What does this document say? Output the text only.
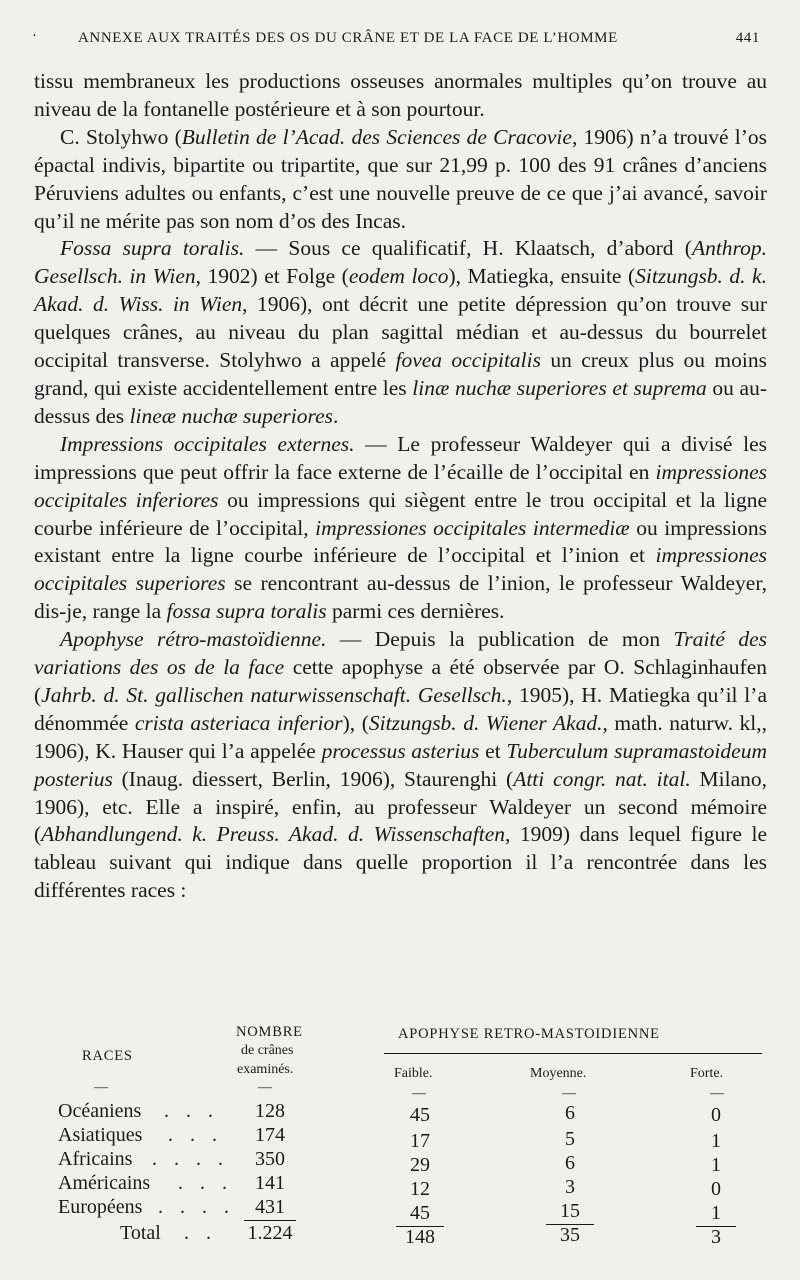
·	ANNEXE AUX TRAITÉS DES OS DU CRÂNE ET DE LA FACE DE L’HOMME	441

tissu membraneux les productions osseuses anormales multiples qu’on trouve au niveau de la fontanelle postérieure et à son pourtour.

C. Stolyhwo (Bulletin de l’Acad. des Sciences de Cracovie, 1906) n’a trouvé l’os épactal indivis, bipartite ou tripartite, que sur 21,99 p. 100 des 91 crânes d’anciens Péruviens adultes ou enfants, c’est une nouvelle preuve de ce que j’ai avancé, savoir qu’il ne mérite pas son nom d’os des Incas.

Fossa supra toralis. — Sous ce qualificatif, H. Klaatsch, d’abord (Anthrop. Gesellsch. in Wien, 1902) et Folge (eodem loco), Matiegka, ensuite (Sitzungsb. d. k. Akad. d. Wiss. in Wien, 1906), ont décrit une petite dépression qu’on trouve sur quelques crânes, au niveau du plan sagittal médian et au-dessus du bourrelet occipital transverse. Stolyhwo a appelé fovea occipitalis un creux plus ou moins grand, qui existe accidentellement entre les linæ nuchæ superiores et suprema ou au-dessus des lineæ nuchæ superiores.

Impressions occipitales externes. — Le professeur Waldeyer qui a divisé les impressions que peut offrir la face externe de l’écaille de l’occipital en impressiones occipitales inferiores ou impressions qui siègent entre le trou occipital et la ligne courbe inférieure de l’occipital, impressiones occipitales intermediæ ou impressions existant entre la ligne courbe inférieure de l’occipital et l’inion et impressiones occipitales superiores se rencontrant au-dessus de l’inion, le professeur Waldeyer, dis-je, range la fossa supra toralis parmi ces dernières.

Apophyse rétro-mastoïdienne. — Depuis la publication de mon Traité des variations des os de la face cette apophyse a été observée par O. Schlaginhaufen (Jahrb. d. St. gallischen naturwissenschaft. Gesellsch., 1905), H. Matiegka qu’il l’a dénommée crista asteriaca inferior), (Sitzungsb. d. Wiener Akad., math. naturw. kl,, 1906), K. Hauser qui l’a appelée processus asterius et Tuberculum supramastoideum posterius (Inaug. diessert, Berlin, 1906), Staurenghi (Atti congr. nat. ital. Milano, 1906), etc. Elle a inspiré, enfin, au professeur Waldeyer un second mémoire (Abhandlungend. k. Preuss. Akad. d. Wissenschaften, 1909) dans lequel figure le tableau suivant qui indique dans quelle proportion il l’a rencontrée dans les différentes races :

NOMBRE
de crânes
examinés.
RACES
APOPHYSE RETRO-MASTOIDIENNE
Faible.	Moyenne.	Forte.
—	—	—	—	—
Océaniens . . .	128	45	6	0
Asiatiques . . .	174	17	5	1
Africains . . . .	350	29	6	1
Américains . . .	141	12	3	0
Européens . . . .	431	45	15	1
Total . .	1.224	148	35	3
